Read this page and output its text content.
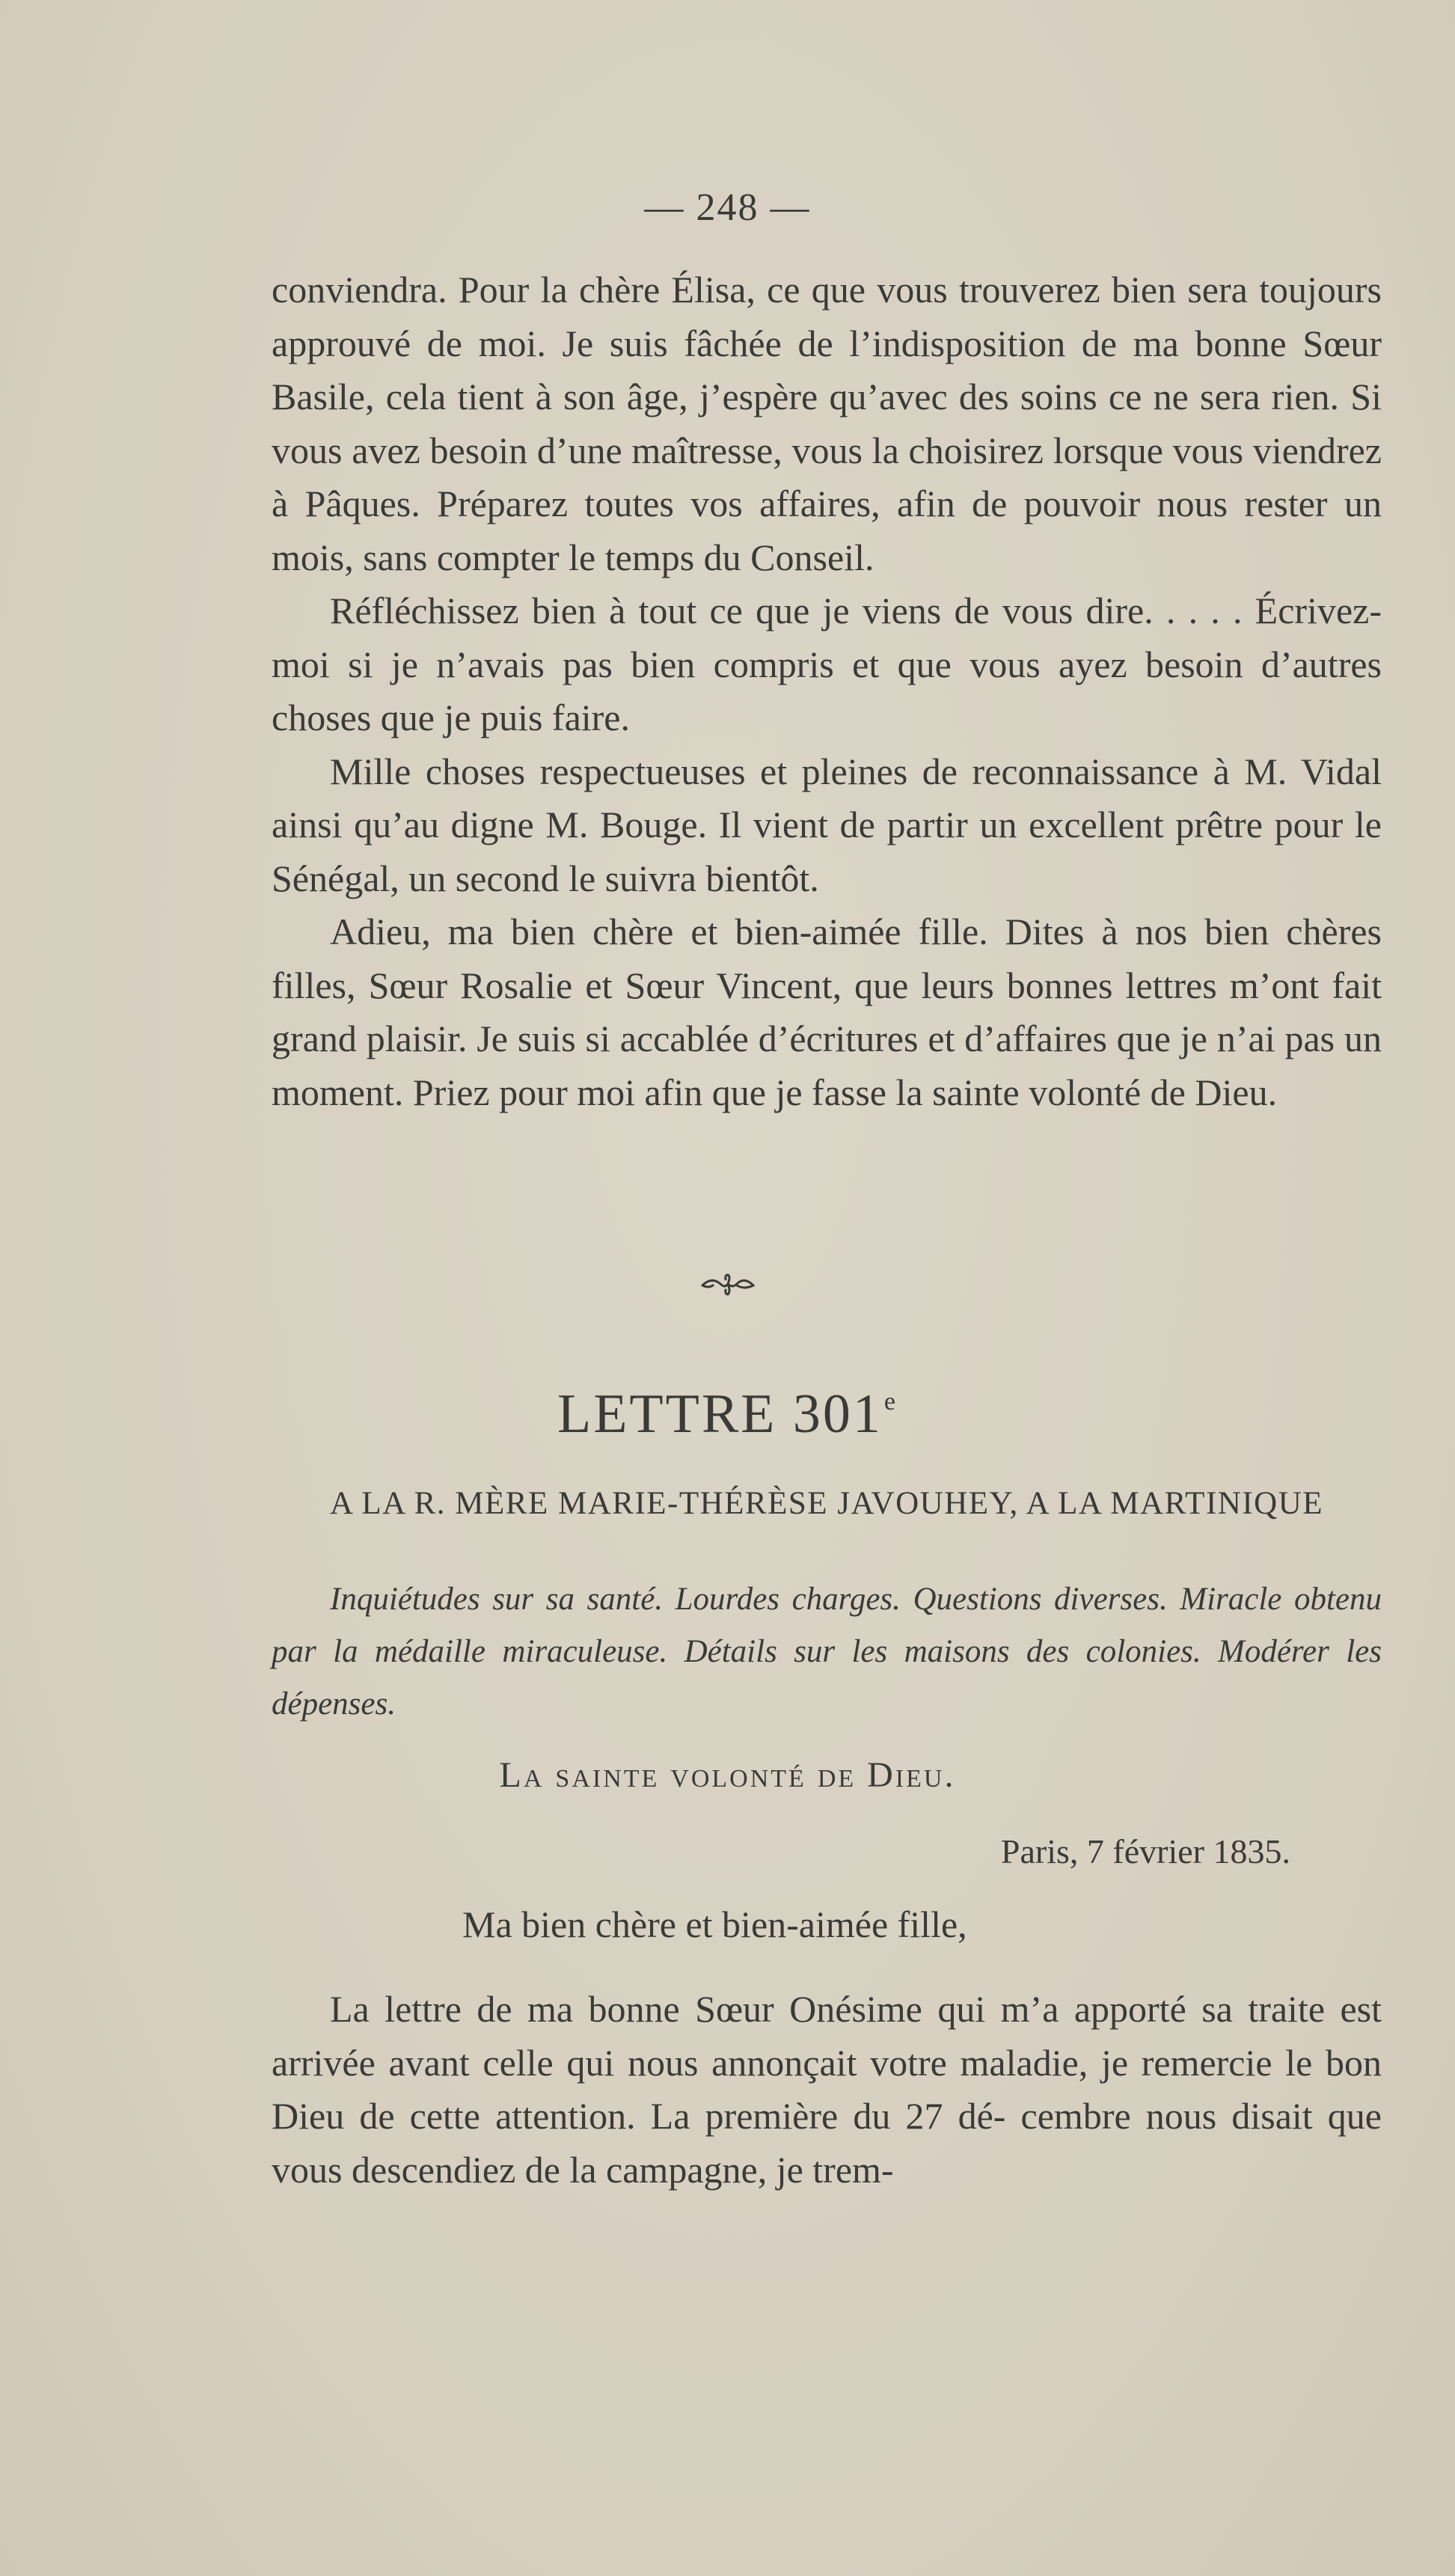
— 248 —

conviendra. Pour la chère Élisa, ce que vous trouverez bien sera toujours approuvé de moi. Je suis fâchée de l’indisposition de ma bonne Sœur Basile, cela tient à son âge, j’espère qu’avec des soins ce ne sera rien. Si vous avez besoin d’une maîtresse, vous la choisirez lorsque vous viendrez à Pâques. Préparez toutes vos affaires, afin de pouvoir nous rester un mois, sans compter le temps du Conseil.

Réfléchissez bien à tout ce que je viens de vous dire. . . . . Écrivez-moi si je n’avais pas bien compris et que vous ayez besoin d’autres choses que je puis faire.

Mille choses respectueuses et pleines de reconnaissance à M. Vidal ainsi qu’au digne M. Bouge. Il vient de partir un excellent prêtre pour le Sénégal, un second le suivra bientôt.

Adieu, ma bien chère et bien-aimée fille. Dites à nos bien chères filles, Sœur Rosalie et Sœur Vincent, que leurs bonnes lettres m’ont fait grand plaisir. Je suis si accablée d’écritures et d’affaires que je n’ai pas un moment. Priez pour moi afin que je fasse la sainte volonté de Dieu.

LETTRE 301e
A LA R. MÈRE MARIE-THÉRÈSE JAVOUHEY, A LA MARTINIQUE

Inquiétudes sur sa santé. Lourdes charges. Questions diverses. Miracle obtenu par la médaille miraculeuse. Détails sur les maisons des colonies. Modérer les dépenses.

La sainte volonté de Dieu.
Paris, 7 février 1835.
Ma bien chère et bien-aimée fille,

La lettre de ma bonne Sœur Onésime qui m’a apporté sa traite est arrivée avant celle qui nous annonçait votre maladie, je remercie le bon Dieu de cette attention. La première du 27 dé- cembre nous disait que vous descendiez de la campagne, je trem-
